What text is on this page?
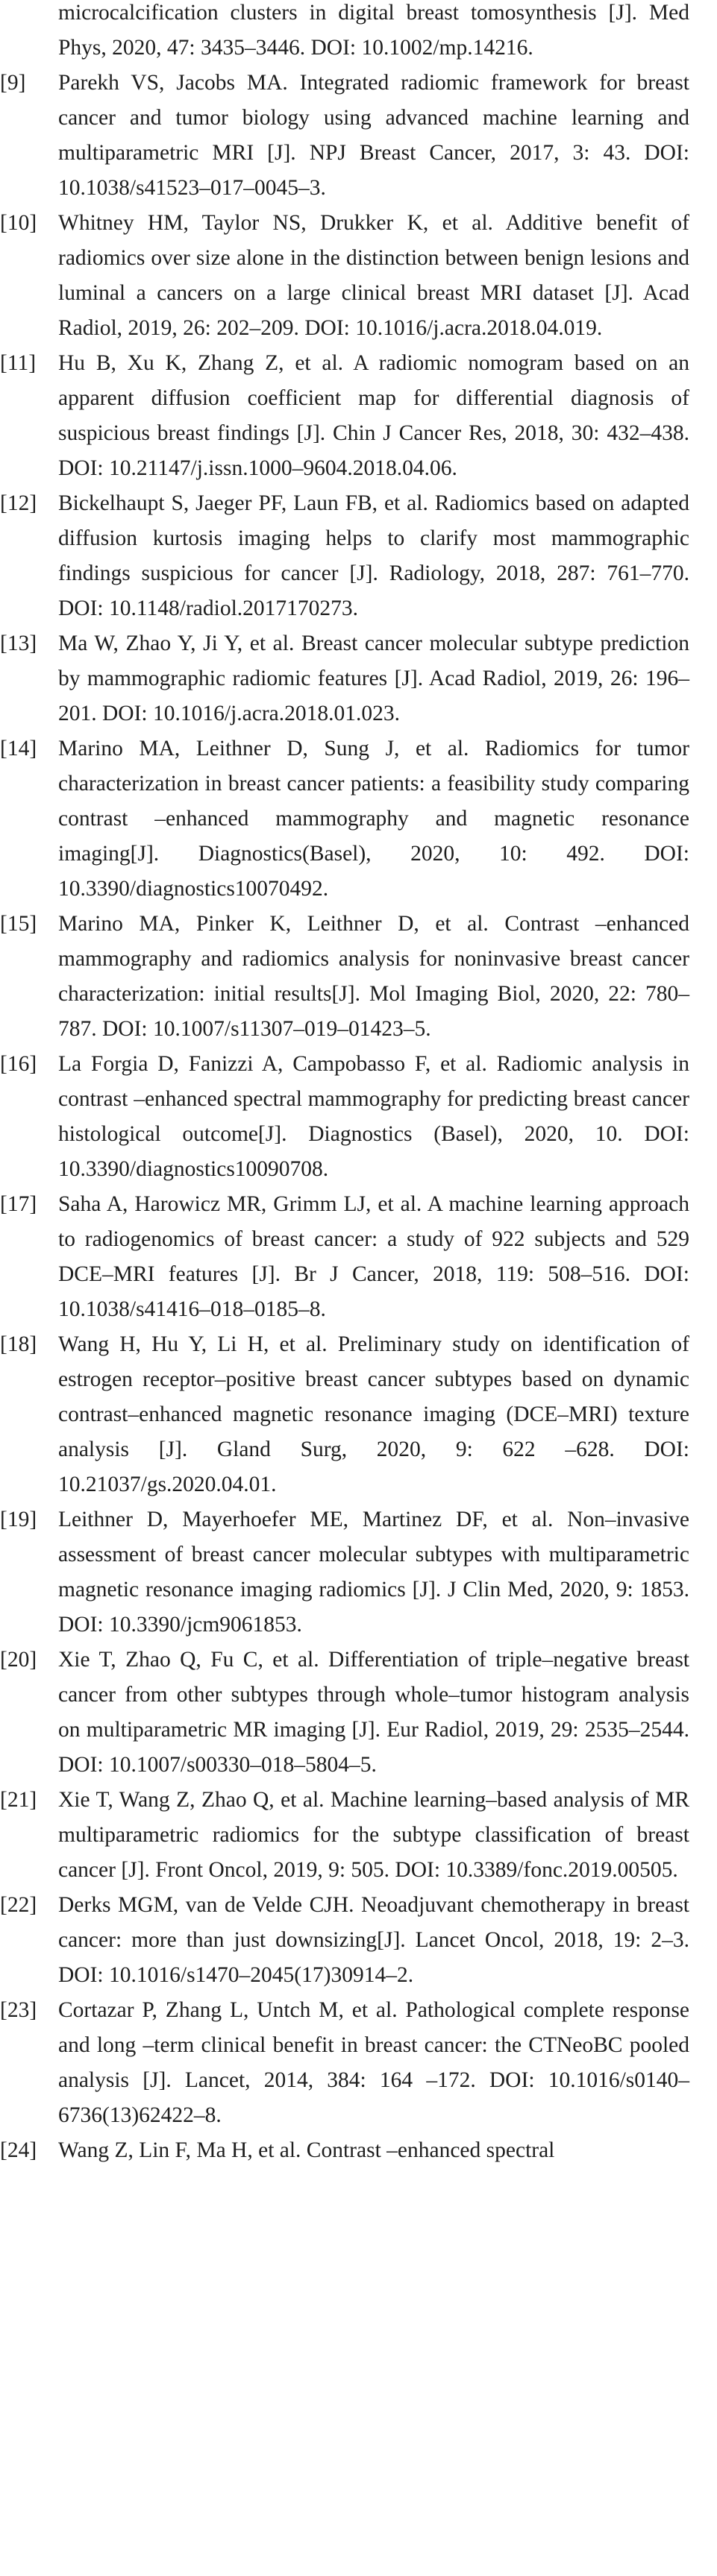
microcalcification clusters in digital breast tomosynthesis [J]. Med Phys, 2020, 47: 3435–3446. DOI: 10.1002/mp.14216.

[9]	Parekh VS, Jacobs MA. Integrated radiomic framework for breast cancer and tumor biology using advanced machine learning and multiparametric MRI [J]. NPJ Breast Cancer, 2017, 3: 43. DOI: 10.1038/s41523–017–0045–3.

[10] Whitney HM, Taylor NS, Drukker K, et al. Additive benefit of radiomics over size alone in the distinction between benign lesions and luminal a cancers on a large clinical breast MRI dataset [J]. Acad Radiol, 2019, 26: 202–209. DOI: 10.1016/j.acra.2018.04.019.

[11]	Hu B, Xu K, Zhang Z, et al. A radiomic nomogram based on an apparent diffusion coefficient map for differential diagnosis of suspicious breast findings [J]. Chin J Cancer Res, 2018, 30: 432–438. DOI: 10.21147/j.issn.1000–9604.2018.04.06.

[12] Bickelhaupt S, Jaeger PF, Laun FB, et al. Radiomics based on adapted diffusion kurtosis imaging helps to clarify most mammographic findings suspicious for cancer [J]. Radiology, 2018, 287: 761–770. DOI: 10.1148/radiol.2017170273.

[13] Ma W, Zhao Y, Ji Y, et al. Breast cancer molecular subtype prediction by mammographic radiomic features [J]. Acad Radiol, 2019, 26: 196–201. DOI: 10.1016/j.acra.2018.01.023.

[14] Marino MA, Leithner D, Sung J, et al. Radiomics for tumor characterization in breast cancer patients: a feasibility study comparing contrast –enhanced mammography and magnetic resonance imaging[J]. Diagnostics(Basel), 2020, 10: 492. DOI: 10.3390/diagnostics10070492.

[15] Marino MA, Pinker K, Leithner D, et al. Contrast –enhanced mammography and radiomics analysis for noninvasive breast cancer characterization: initial results[J]. Mol Imaging Biol, 2020, 22: 780–787. DOI: 10.1007/s11307–019–01423–5.

[16] La Forgia D, Fanizzi A, Campobasso F, et al. Radiomic analysis in contrast –enhanced spectral mammography for predicting breast cancer histological outcome[J]. Diagnostics (Basel), 2020, 10. DOI: 10.3390/diagnostics10090708.

[17] Saha A, Harowicz MR, Grimm LJ, et al. A machine learning approach to radiogenomics of breast cancer: a study of 922 subjects and 529 DCE–MRI features [J]. Br J Cancer, 2018, 119: 508–516. DOI: 10.1038/s41416–018–0185–8.

[18] Wang H, Hu Y, Li H, et al. Preliminary study on identification of estrogen receptor–positive breast cancer subtypes based on dynamic contrast–enhanced magnetic resonance imaging (DCE–MRI) texture analysis [J]. Gland Surg, 2020, 9: 622 –628. DOI: 10.21037/gs.2020.04.01.

[19] Leithner D, Mayerhoefer ME, Martinez DF, et al. Non–invasive assessment of breast cancer molecular subtypes with multiparametric magnetic resonance imaging radiomics [J]. J Clin Med, 2020, 9: 1853. DOI: 10.3390/jcm9061853.

[20] Xie T, Zhao Q, Fu C, et al. Differentiation of triple–negative breast cancer from other subtypes through whole–tumor histogram analysis on multiparametric MR imaging [J]. Eur Radiol, 2019, 29: 2535–2544. DOI: 10.1007/s00330–018–5804–5.

[21] Xie T, Wang Z, Zhao Q, et al. Machine learning–based analysis of MR multiparametric radiomics for the subtype classification of breast cancer [J]. Front Oncol, 2019, 9: 505. DOI: 10.3389/fonc.2019.00505.

[22] Derks MGM, van de Velde CJH. Neoadjuvant chemotherapy in breast cancer: more than just downsizing[J]. Lancet Oncol, 2018, 19: 2–3. DOI: 10.1016/s1470–2045(17)30914–2.

[23] Cortazar P, Zhang L, Untch M, et al. Pathological complete response and long –term clinical benefit in breast cancer: the CTNeoBC pooled analysis [J]. Lancet, 2014, 384: 164 –172. DOI: 10.1016/s0140–6736(13)62422–8.

[24] Wang Z, Lin F, Ma H, et al. Contrast –enhanced spectral
